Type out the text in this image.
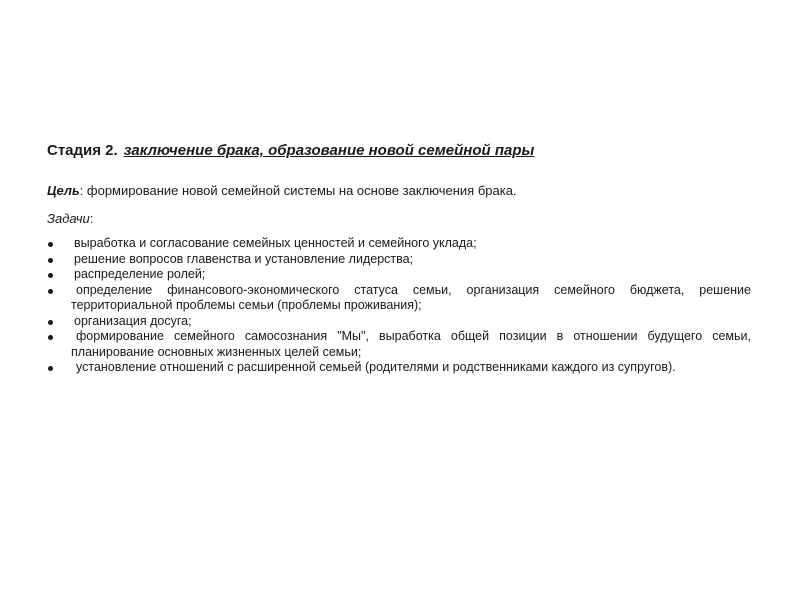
Стадия 2. заключение брака, образование новой семейной пары

Цель: формирование новой семейной системы на основе заключения брака.
Задачи:
выработка и согласование семейных ценностей и семейного уклада;
решение вопросов главенства и установление лидерства;
распределение ролей;
определение финансового-экономического статуса семьи, организация семейного бюджета, решение территориальной проблемы семьи (проблемы проживания);
организация досуга;
формирование семейного самосознания "Мы", выработка общей позиции в отношении будущего семьи, планирование основных жизненных целей семьи;
установление отношений с расширенной семьей (родителями и родственниками каждого из супругов).
